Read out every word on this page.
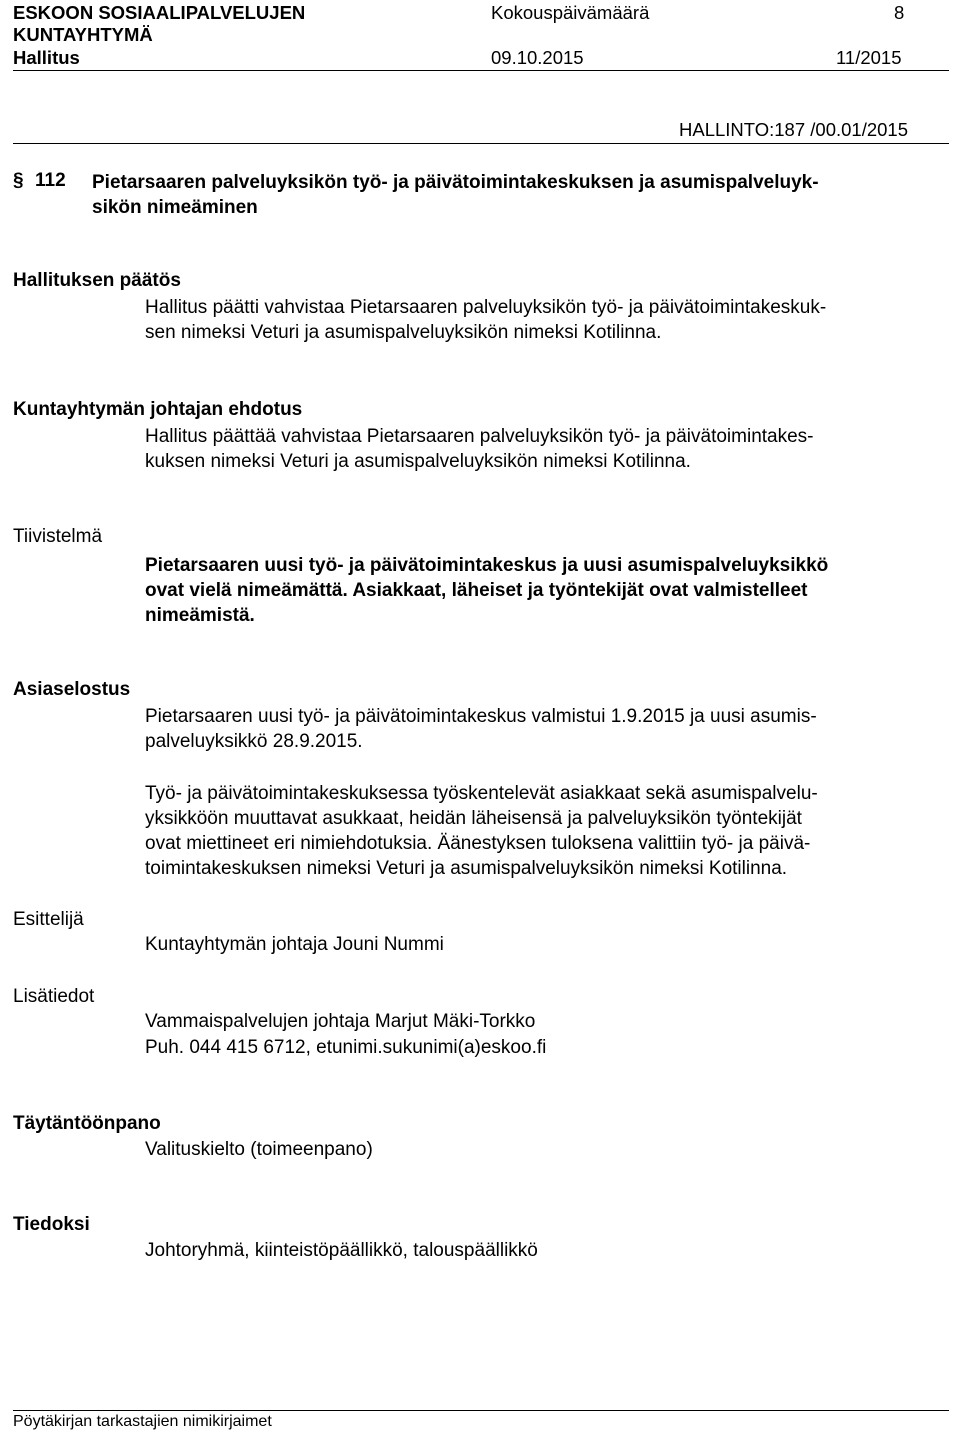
ESKOON SOSIAALIPALVELUJEN
KUNTAYHTYMÄ
Kokouspäivämäärä	8
Hallitus	09.10.2015	11/2015
HALLINTO:187 /00.01/2015
§ 112 Pietarsaaren palveluyksikön työ- ja päivätoimintakeskuksen ja asumispalveluyk-
sikön nimeäminen
Hallituksen päätös
Hallitus päätti vahvistaa Pietarsaaren palveluyksikön työ- ja päivätoimintakeskuk-
sen nimeksi Veturi ja asumispalveluyksikön nimeksi Kotilinna.
Kuntayhtymän johtajan ehdotus
Hallitus päättää vahvistaa Pietarsaaren palveluyksikön työ- ja päivätoimintakes-
kuksen nimeksi Veturi ja asumispalveluyksikön nimeksi Kotilinna.
Tiivistelmä
Pietarsaaren uusi työ- ja päivätoimintakeskus ja uusi asumispalveluyksikkö
ovat vielä nimeämättä. Asiakkaat, läheiset ja työntekijät ovat valmistelleet
nimeämistä.
Asiaselostus
Pietarsaaren uusi työ- ja päivätoimintakeskus valmistui 1.9.2015 ja uusi asumis-
palveluyksikkö 28.9.2015.
Työ- ja päivätoimintakeskuksessa työskentelevät asiakkaat sekä asumispalvelu-
yksikköön muuttavat asukkaat, heidän läheisensä ja palveluyksikön työntekijät
ovat miettineet eri nimiehdotuksia. Äänestyksen tuloksena valittiin työ- ja päivä-
toimintakeskuksen nimeksi Veturi ja asumispalveluyksikön nimeksi Kotilinna.
Esittelijä
Kuntayhtymän johtaja Jouni Nummi
Lisätiedot
Vammaispalvelujen johtaja Marjut Mäki-Torkko
Puh. 044 415 6712, etunimi.sukunimi(a)eskoo.fi
Täytäntöönpano
Valituskielto (toimeenpano)
Tiedoksi
Johtoryhmä, kiinteistöpäällikkö, talouspäällikkö
Pöytäkirjan tarkastajien nimikirjaimet
